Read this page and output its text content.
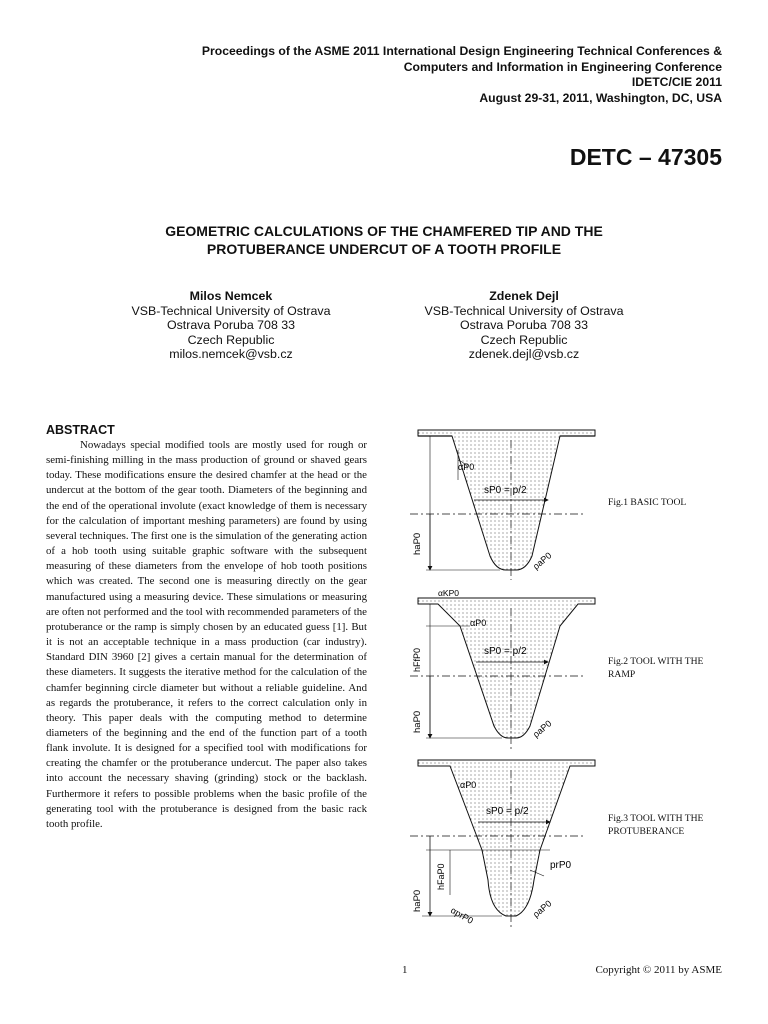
Proceedings of the ASME 2011 International Design Engineering Technical Conferences &
Computers and Information in Engineering Conference
IDETC/CIE 2011
August 29-31, 2011, Washington, DC, USA
DETC – 47305
GEOMETRIC CALCULATIONS OF THE CHAMFERED TIP AND THE
PROTUBERANCE UNDERCUT OF A TOOTH PROFILE
Milos Nemcek
VSB-Technical University of Ostrava
Ostrava Poruba 708 33
Czech Republic
milos.nemcek@vsb.cz
Zdenek Dejl
VSB-Technical University of Ostrava
Ostrava Poruba 708 33
Czech Republic
zdenek.dejl@vsb.cz
ABSTRACT
Nowadays special modified tools are mostly used for rough or semi-finishing milling in the mass production of ground or shaved gears today. These modifications ensure the desired chamfer at the head or the undercut at the bottom of the gear tooth. Diameters of the beginning and the end of the operational involute (exact knowledge of them is necessary for the calculation of important meshing parameters) are found by using several techniques. The first one is the simulation of the generating action of a hob tooth using suitable graphic software with the subsequent measuring of these diameters from the envelope of hob tooth positions which was created. The second one is measuring directly on the gear manufactured using a measuring device. These simulations or measuring are often not performed and the tool with recommended parameters of the protuberance or the ramp is simply chosen by an educated guess [1]. But it is not an acceptable technique in a mass production (car industry). Standard DIN 3960 [2] gives a certain manual for the determination of these diameters. It suggests the iterative method for the calculation of the chamfer beginning circle diameter but without a reliable guideline. And as regards the protuberance, it refers to the correct calculation only in theory. This paper deals with the computing method to determine diameters of the beginning and the end of the function part of a tooth flank involute. It is designed for a specified tool with modifications for creating the chamfer or the protuberance undercut. The paper also takes into account the necessary shaving (grinding) stock or the backlash. Furthermore it refers to possible problems when the basic profile of the generating tool with the protuberance is designed from the basic rack tooth profile.
αP0
sP0 = p/2
haP0
ρaP0
αKP0
αP0
sP0 = p/2
hFfP0
haP0	ρaP0
αP0
sP0 = p/2
hFaP0
haP0
prP0
αprP0	ρaP0
Fig.1 BASIC TOOL
Fig.2 TOOL WITH THE RAMP
Fig.3 TOOL WITH THE PROTUBERANCE
1	Copyright © 2011 by ASME
